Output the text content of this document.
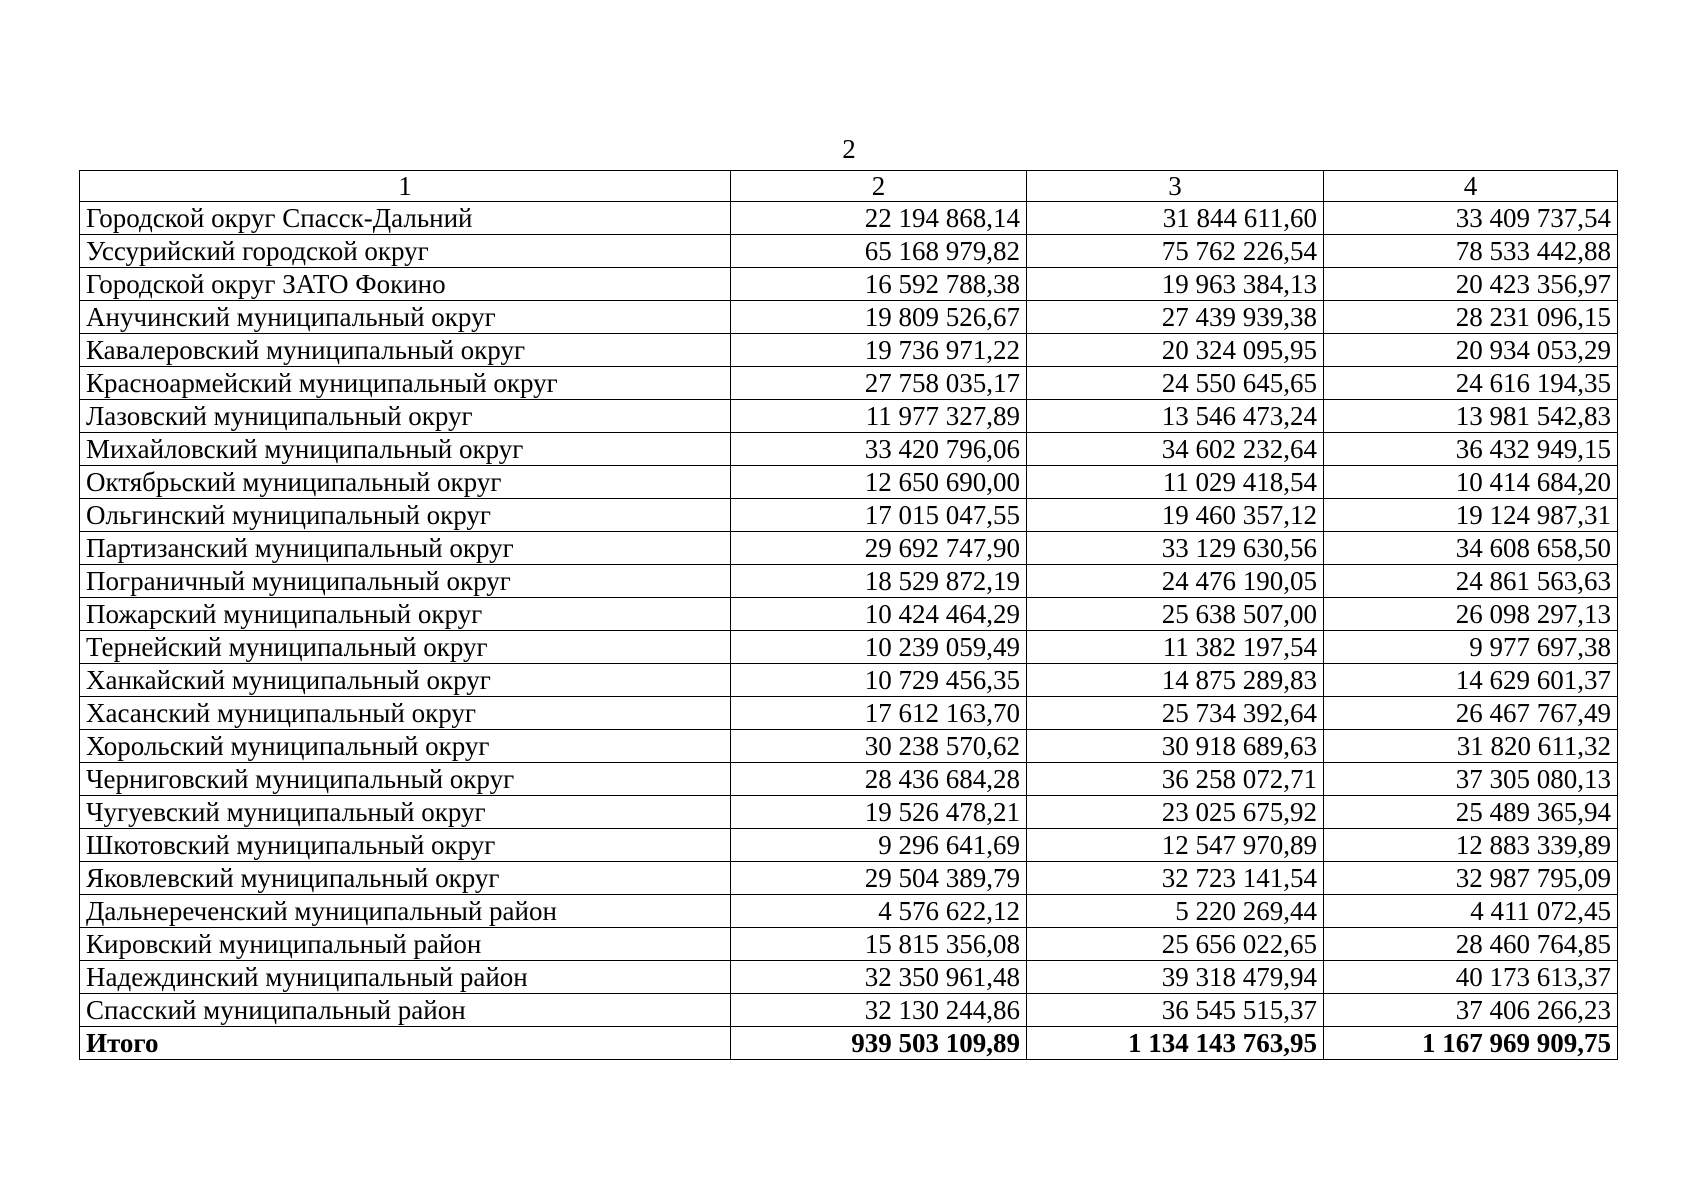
2
1	2	3	4
Городской округ Спасск-Дальний	22 194 868,14	31 844 611,60	33 409 737,54
Уссурийский городской округ	65 168 979,82	75 762 226,54	78 533 442,88
Городской округ ЗАТО Фокино	16 592 788,38	19 963 384,13	20 423 356,97
Анучинский муниципальный округ	19 809 526,67	27 439 939,38	28 231 096,15
Кавалеровский муниципальный округ	19 736 971,22	20 324 095,95	20 934 053,29
Красноармейский муниципальный округ	27 758 035,17	24 550 645,65	24 616 194,35
Лазовский муниципальный округ	11 977 327,89	13 546 473,24	13 981 542,83
Михайловский муниципальный округ	33 420 796,06	34 602 232,64	36 432 949,15
Октябрьский муниципальный округ	12 650 690,00	11 029 418,54	10 414 684,20
Ольгинский муниципальный округ	17 015 047,55	19 460 357,12	19 124 987,31
Партизанский муниципальный округ	29 692 747,90	33 129 630,56	34 608 658,50
Пограничный муниципальный округ	18 529 872,19	24 476 190,05	24 861 563,63
Пожарский муниципальный округ	10 424 464,29	25 638 507,00	26 098 297,13
Тернейский муниципальный округ	10 239 059,49	11 382 197,54	9 977 697,38
Ханкайский муниципальный округ	10 729 456,35	14 875 289,83	14 629 601,37
Хасанский муниципальный округ	17 612 163,70	25 734 392,64	26 467 767,49
Хорольский муниципальный округ	30 238 570,62	30 918 689,63	31 820 611,32
Черниговский муниципальный округ	28 436 684,28	36 258 072,71	37 305 080,13
Чугуевский муниципальный округ	19 526 478,21	23 025 675,92	25 489 365,94
Шкотовский муниципальный округ	9 296 641,69	12 547 970,89	12 883 339,89
Яковлевский муниципальный округ	29 504 389,79	32 723 141,54	32 987 795,09
Дальнереченский муниципальный район	4 576 622,12	5 220 269,44	4 411 072,45
Кировский муниципальный район	15 815 356,08	25 656 022,65	28 460 764,85
Надеждинский муниципальный район	32 350 961,48	39 318 479,94	40 173 613,37
Спасский муниципальный район	32 130 244,86	36 545 515,37	37 406 266,23
Итого	939 503 109,89	1 134 143 763,95	1 167 969 909,75
